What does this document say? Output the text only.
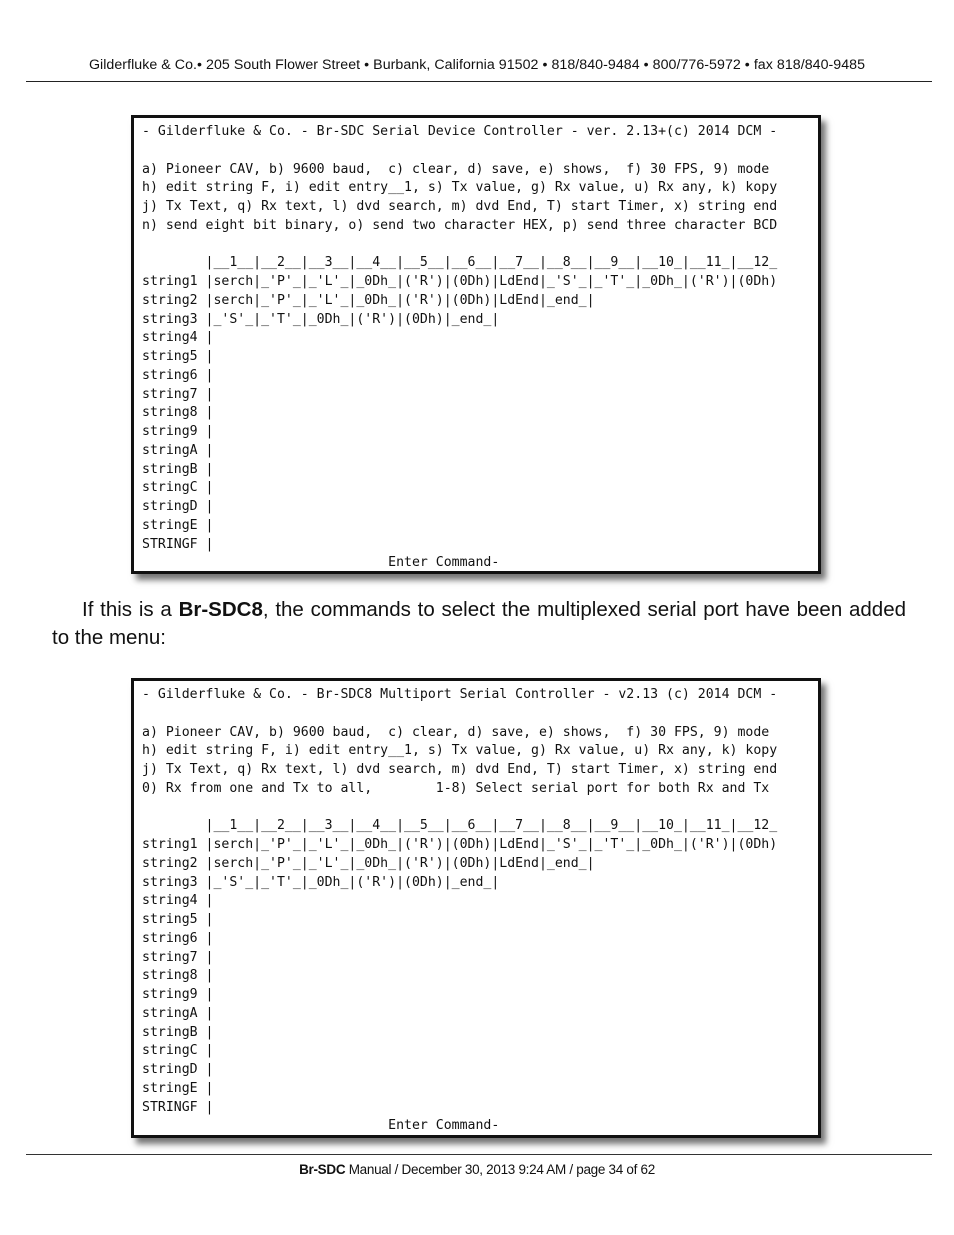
Gilderfluke & Co.• 205 South Flower Street • Burbank, California 91502 • 818/840-9484 • 800/776-5972 • fax 818/840-9485
- Gilderfluke & Co. - Br-SDC Serial Device Controller - ver. 2.13+(c) 2014 DCM -
a) Pioneer CAV, b) 9600 baud,  c) clear, d) save, e) shows,  f) 30 FPS, 9) mode
h) edit string F, i) edit entry__1, s) Tx value, g) Rx value, u) Rx any, k) kopy
j) Tx Text, q) Rx text, l) dvd search, m) dvd End, T) start Timer, x) string end
n) send eight bit binary, o) send two character HEX, p) send three character BCD
|__1__|__2__|__3__|__4__|__5__|__6__|__7__|__8__|__9__|__10_|__11_|__12_
string1 |serch|_'P'_|_'L'_|_0Dh_|('R')|(0Dh)|LdEnd|_'S'_|_'T'_|_0Dh_|('R')|(0Dh)
string2 |serch|_'P'_|_'L'_|_0Dh_|('R')|(0Dh)|LdEnd|_end_|
string3 |_'S'_|_'T'_|_0Dh_|('R')|(0Dh)|_end_|
string4 |
string5 |
string6 |
string7 |
string8 |
string9 |
stringA |
stringB |
stringC |
stringD |
stringE |
STRINGF |
Enter Command-
If this is a Br-SDC8, the commands to select the multiplexed serial port have been added to the menu:
- Gilderfluke & Co. - Br-SDC8 Multiport Serial Controller - v2.13 (c) 2014 DCM -
a) Pioneer CAV, b) 9600 baud,  c) clear, d) save, e) shows,  f) 30 FPS, 9) mode
h) edit string F, i) edit entry__1, s) Tx value, g) Rx value, u) Rx any, k) kopy
j) Tx Text, q) Rx text, l) dvd search, m) dvd End, T) start Timer, x) string end
0) Rx from one and Tx to all,        1-8) Select serial port for both Rx and Tx
|__1__|__2__|__3__|__4__|__5__|__6__|__7__|__8__|__9__|__10_|__11_|__12_
string1 |serch|_'P'_|_'L'_|_0Dh_|('R')|(0Dh)|LdEnd|_'S'_|_'T'_|_0Dh_|('R')|(0Dh)
string2 |serch|_'P'_|_'L'_|_0Dh_|('R')|(0Dh)|LdEnd|_end_|
string3 |_'S'_|_'T'_|_0Dh_|('R')|(0Dh)|_end_|
string4 |
string5 |
string6 |
string7 |
string8 |
string9 |
stringA |
stringB |
stringC |
stringD |
stringE |
STRINGF |
Enter Command-
Br-SDC Manual / December 30, 2013 9:24 AM / page 34 of 62
